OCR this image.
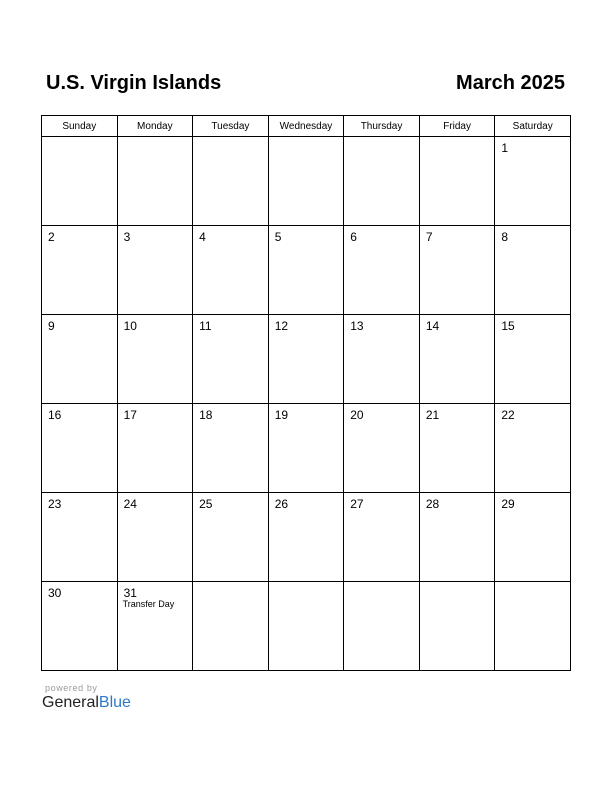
U.S. Virgin Islands	March 2025
Sunday	Monday	Tuesday	Wednesday	Thursday	Friday	Saturday

						1

2	3	4	5	6	7	8

9	10	11	12	13	14	15

16	17	18	19	20	21	22

23	24	25	26	27	28	29

30	31
Transfer Day					

powered by
GeneralBlue
